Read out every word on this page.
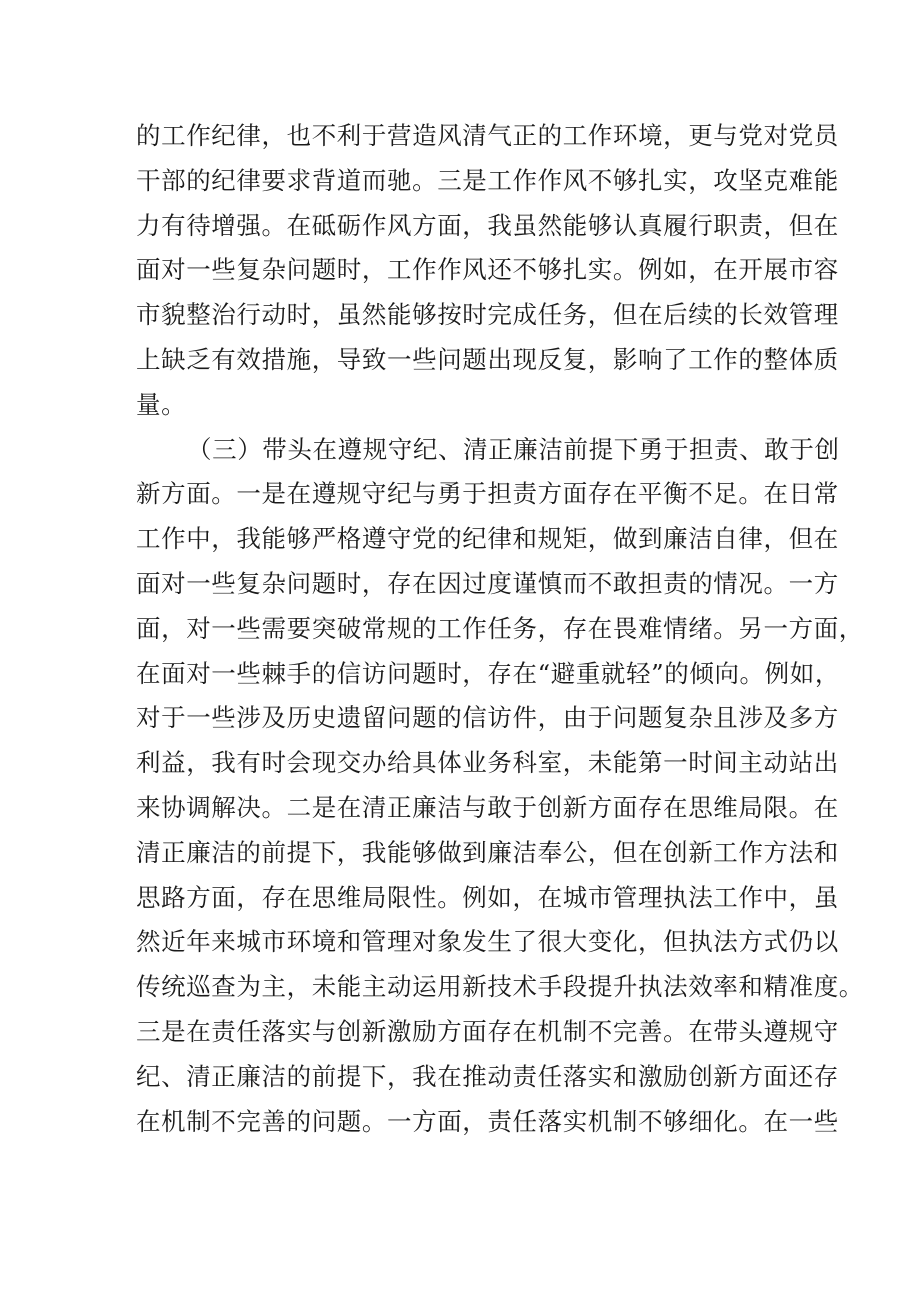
的工作纪律，也不利于营造风清气正的工作环境，更与党对党员
干部的纪律要求背道而驰。三是工作作风不够扎实，攻坚克难能
力有待增强。在砥砺作风方面，我虽然能够认真履行职责，但在
面对一些复杂问题时，工作作风还不够扎实。例如，在开展市容
市貌整治行动时，虽然能够按时完成任务，但在后续的长效管理
上缺乏有效措施，导致一些问题出现反复，影响了工作的整体质
量。
（三）带头在遵规守纪、清正廉洁前提下勇于担责、敢于创
新方面。一是在遵规守纪与勇于担责方面存在平衡不足。在日常
工作中，我能够严格遵守党的纪律和规矩，做到廉洁自律，但在
面对一些复杂问题时，存在因过度谨慎而不敢担责的情况。一方
面，对一些需要突破常规的工作任务，存在畏难情绪。另一方面，
在面对一些棘手的信访问题时，存在“避重就轻”的倾向。例如，
对于一些涉及历史遗留问题的信访件，由于问题复杂且涉及多方
利益，我有时会现交办给具体业务科室，未能第一时间主动站出
来协调解决。二是在清正廉洁与敢于创新方面存在思维局限。在
清正廉洁的前提下，我能够做到廉洁奉公，但在创新工作方法和
思路方面，存在思维局限性。例如，在城市管理执法工作中，虽
然近年来城市环境和管理对象发生了很大变化，但执法方式仍以
传统巡查为主，未能主动运用新技术手段提升执法效率和精准度。
三是在责任落实与创新激励方面存在机制不完善。在带头遵规守
纪、清正廉洁的前提下，我在推动责任落实和激励创新方面还存
在机制不完善的问题。一方面，责任落实机制不够细化。在一些
